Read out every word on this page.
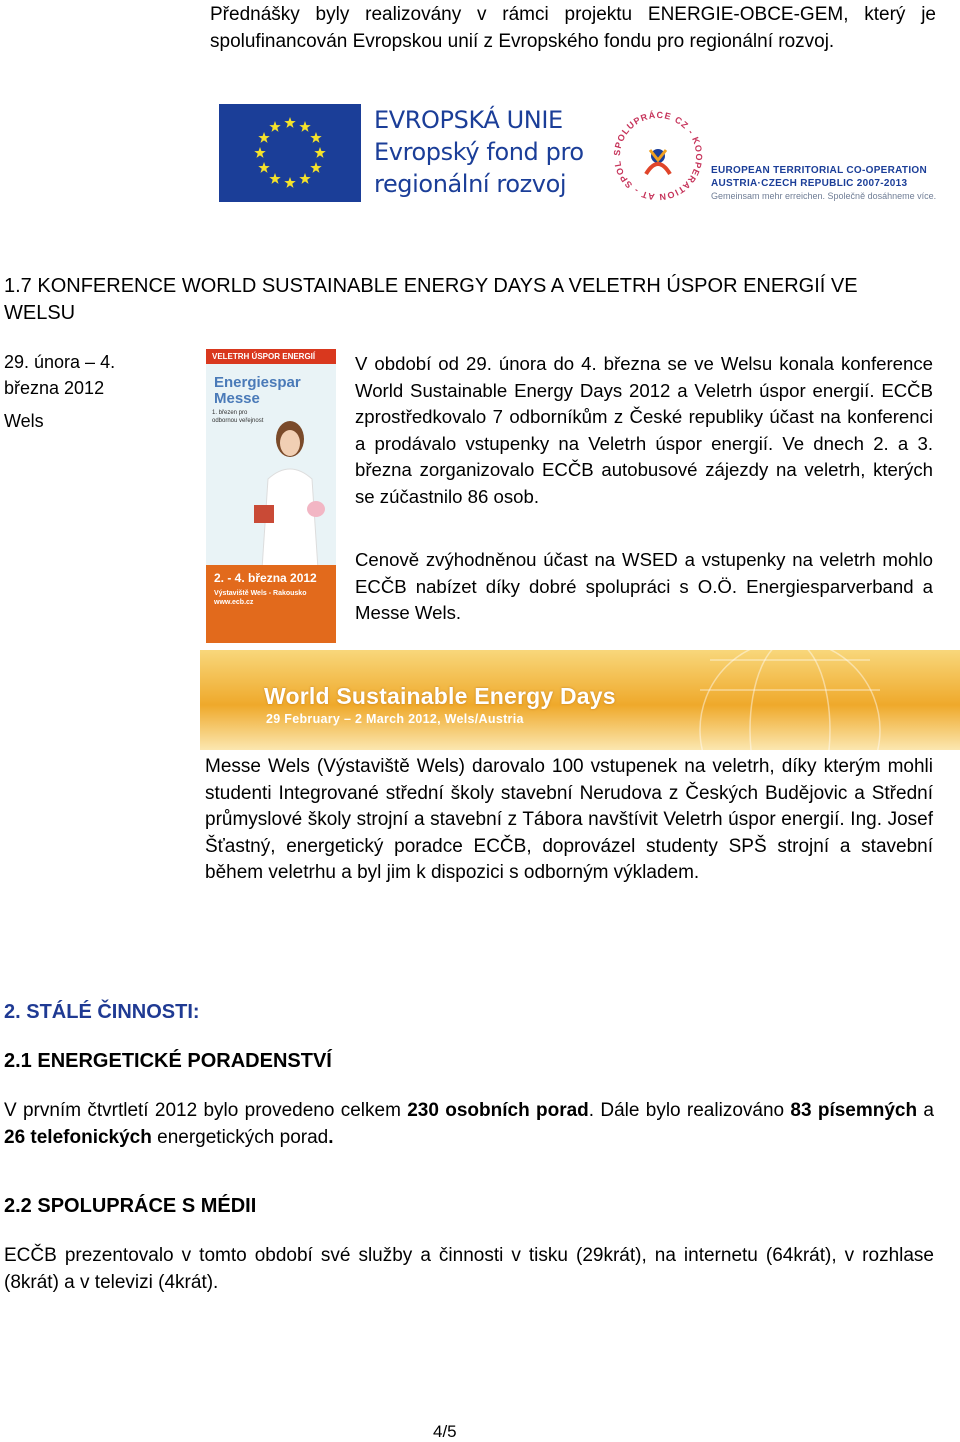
Přednášky byly realizovány v rámci projektu ENERGIE-OBCE-GEM, který je spolufinancován Evropskou unií z Evropského fondu pro regionální rozvoj.
EVROPSKÁ UNIE
Evropský fond pro
regionální rozvoj
SPOLUPRÁCE CZ - KOOPERATION AT - SPOL
EUROPEAN TERRITORIAL CO-OPERATION
AUSTRIA·CZECH REPUBLIC 2007-2013
Gemeinsam mehr erreichen. Společně dosáhneme více.
1.7 KONFERENCE WORLD SUSTAINABLE ENERGY DAYS A VELETRH ÚSPOR ENERGIÍ VE WELSU
29. února – 4. března 2012
Wels
VELETRH ÚSPOR ENERGIÍ
Energiespar
Messe
1. březen pro odbornou veřejnost
2. - 4. března 2012
Výstaviště Wels - Rakousko
www.ecb.cz
V období od 29. února do 4. března se ve Welsu konala konference World Sustainable Energy Days 2012 a Veletrh úspor energií. ECČB zprostředkovalo 7 odborníkům z České republiky účast na konferenci a prodávalo vstupenky na Veletrh úspor energií. Ve dnech 2. a 3. března zorganizovalo ECČB autobusové zájezdy na veletrh, kterých se zúčastnilo 86 osob.
Cenově zvýhodněnou účast na WSED a vstupenky na veletrh mohlo ECČB nabízet díky dobré spolupráci s O.Ö. Energiesparverband a Messe Wels.
World Sustainable Energy Days
29 February – 2 March 2012, Wels/Austria
Messe Wels (Výstaviště Wels) darovalo 100 vstupenek na veletrh, díky kterým mohli studenti Integrované střední školy stavební Nerudova z Českých Budějovic a Střední průmyslové školy strojní a stavební z Tábora navštívit Veletrh úspor energií. Ing. Josef Šťastný, energetický poradce ECČB, doprovázel studenty SPŠ strojní a stavební během veletrhu a byl jim k dispozici s odborným výkladem.
2. STÁLÉ ČINNOSTI:
2.1 ENERGETICKÉ PORADENSTVÍ
V prvním čtvrtletí 2012 bylo provedeno celkem 230 osobních porad. Dále bylo realizováno 83 písemných a 26 telefonických energetických porad.
2.2 SPOLUPRÁCE S MÉDII
ECČB prezentovalo v tomto období své služby a činnosti v tisku (29krát), na internetu (64krát), v rozhlase (8krát) a v televizi (4krát).
4/5
